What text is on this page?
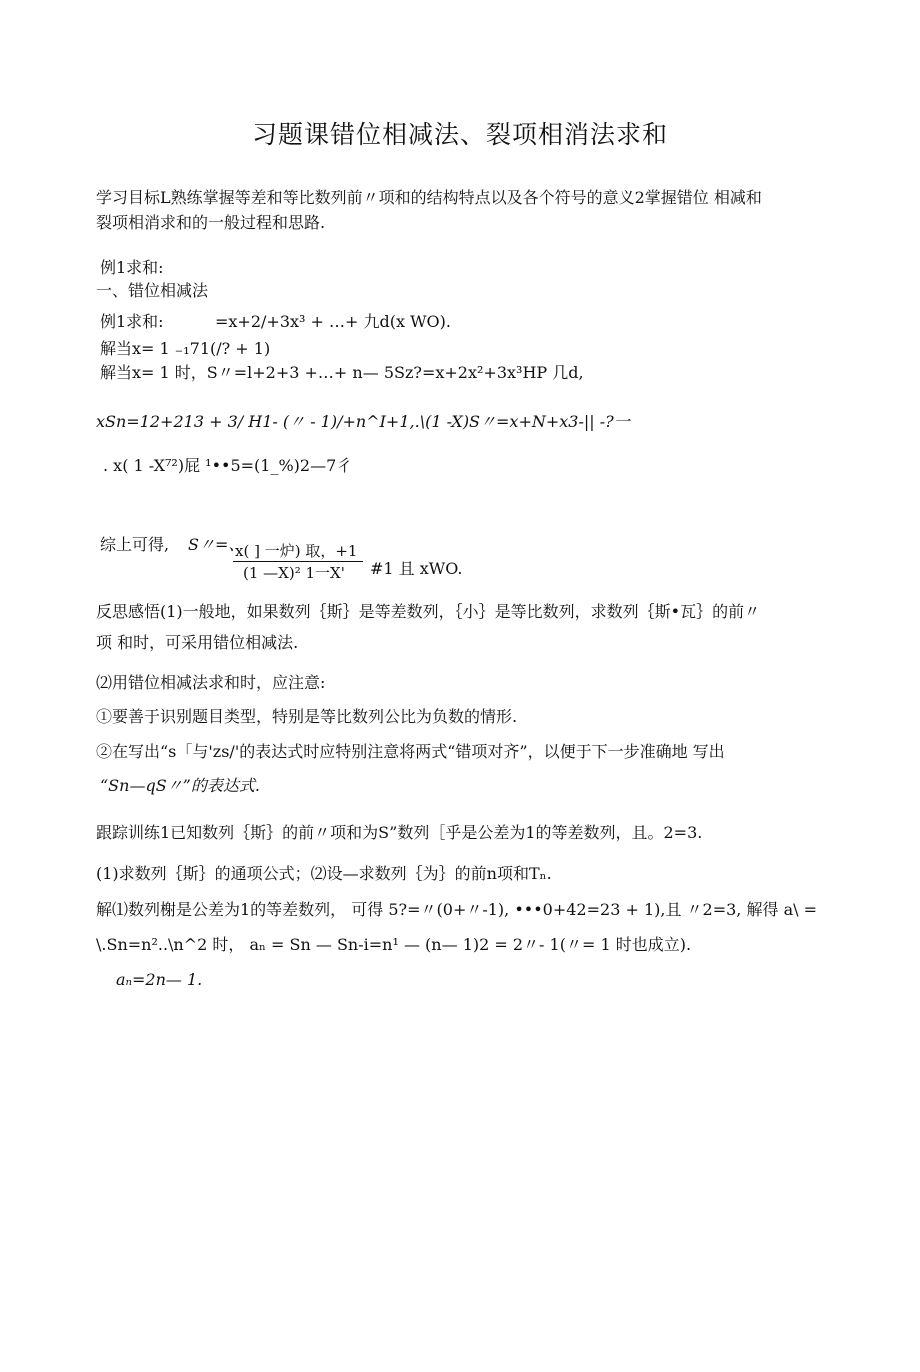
习题课错位相减法、裂项相消法求和
学习目标L熟练掌握等差和等比数列前〃项和的结构特点以及各个符号的意义2掌握错位 相减和
裂项相消求和的一般过程和思路.
例1求和:
一、错位相减法
例1求和:	=x+2/+3x³ + …+ 九d(x WO).
解当x= 1 ₋₁71(/? + 1)
解当x= 1 时，S〃=l+2+3 +…+ n— 5Sz?=x+2x²+3x³HP 几d,
xSn=12+213 + 3/ H1- (〃 - 1)/+n^I+1,.\(1 -X)S〃=x+N+x3-|| -?一
. x( 1 -X⁷²)屁 ¹••5=(1_%)2—7彳
综上可得, S〃=、
x( ] 一炉) 取，+1
(1 —X)² 1一X'	#1 且 xWO.
反思感悟(1)一般地，如果数列｛斯｝是等差数列，｛小｝是等比数列，求数列｛斯•瓦｝的前〃
项 和时，可采用错位相减法.
⑵用错位相减法求和时，应注意:
①要善于识别题目类型，特别是等比数列公比为负数的情形.
②在写出“s「与'zs/'的表达式时应特别注意将两式“错项对齐”，以便于下一步准确地 写出
“Sn—qS〃”的表达式.
跟踪训练1已知数列｛斯｝的前〃项和为S”数列［乎是公差为1的等差数列，且。2=3.
(1)求数列｛斯｝的通项公式；⑵设—求数列｛为｝的前n项和Tₙ.
解⑴数列榭是公差为1的等差数列， 可得 5?=〃(0+〃-1), •••0+42=23 + 1),且 〃2=3, 解得 a\ =
\.Sn=n²..\n^2 时， aₙ = Sn — Sn-i=n¹ — (n— 1)2 = 2〃- 1(〃= 1 时也成立).
aₙ=2n— 1.
